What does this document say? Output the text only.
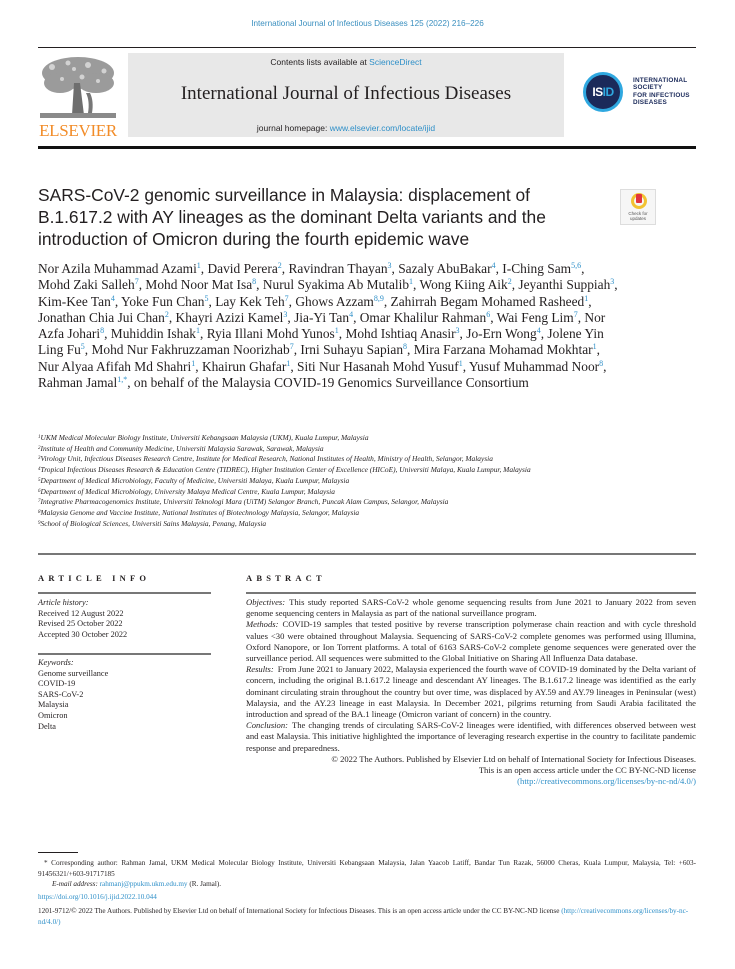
International Journal of Infectious Diseases 125 (2022) 216–226
ELSEVIER
Contents lists available at ScienceDirect
International Journal of Infectious Diseases
journal homepage: www.elsevier.com/locate/ijid
IS ID
INTERNATIONAL
SOCIETY
FOR INFECTIOUS
DISEASES
SARS-CoV-2 genomic surveillance in Malaysia: displacement of B.1.617.2 with AY lineages as the dominant Delta variants and the introduction of Omicron during the fourth epidemic wave
Check for updates
Nor Azila Muhammad Azami$^1$, David Perera$^2$, Ravindran Thayan$^3$, Sazaly AbuBakar$^4$, I-Ching Sam$^{5,6}$, Mohd Zaki Salleh$^7$, Mohd Noor Mat Isa$^8$, Nurul Syakima Ab Mutalib$^1$, Wong Kiing Aik$^2$, Jeyanthi Suppiah$^3$, Kim-Kee Tan$^4$, Yoke Fun Chan$^5$, Lay Kek Teh$^7$, Ghows Azzam$^{8,9}$, Zahirrah Begam Mohamed Rasheed$^1$, Jonathan Chia Jui Chan$^2$, Khayri Azizi Kamel$^3$, Jia-Yi Tan$^4$, Omar Khalilur Rahman$^6$, Wai Feng Lim$^7$, Nor Azfa Johari$^8$, Muhiddin Ishak$^1$, Ryia Illani Mohd Yunos$^1$, Mohd Ishtiaq Anasir$^3$, Jo-Ern Wong$^4$, Jolene Yin Ling Fu$^5$, Mohd Nur Fakhruzzaman Noorizhab$^7$, Irni Suhayu Sapian$^8$, Mira Farzana Mohamad Mokhtar$^1$, Nur Alyaa Afifah Md Shahri$^1$, Khairun Ghafar$^1$, Siti Nur Hasanah Mohd Yusuf$^1$, Yusuf Muhammad Noor$^8$, Rahman Jamal$^{1,*}$, on behalf of the Malaysia COVID-19 Genomics Surveillance Consortium
$^1$UKM Medical Molecular Biology Institute, Universiti Kebangsaan Malaysia (UKM), Kuala Lumpur, Malaysia
$^2$Institute of Health and Community Medicine, Universiti Malaysia Sarawak, Sarawak, Malaysia
$^3$Virology Unit, Infectious Diseases Research Centre, Institute for Medical Research, National Institutes of Health, Ministry of Health, Selangor, Malaysia
$^4$Tropical Infectious Diseases Research & Education Centre (TIDREC), Higher Institution Center of Excellence (HICoE), Universiti Malaya, Kuala Lumpur, Malaysia
$^5$Department of Medical Microbiology, Faculty of Medicine, Universiti Malaya, Kuala Lumpur, Malaysia
$^6$Department of Medical Microbiology, University Malaya Medical Centre, Kuala Lumpur, Malaysia
$^7$Integrative Pharmacogenomics Institute, Universiti Teknologi Mara (UiTM) Selangor Branch, Puncak Alam Campus, Selangor, Malaysia
$^8$Malaysia Genome and Vaccine Institute, National Institutes of Biotechnology Malaysia, Selangor, Malaysia
$^9$School of Biological Sciences, Universiti Sains Malaysia, Penang, Malaysia
ARTICLE INFO	ABSTRACT
Article history:
Received 12 August 2022
Revised 25 October 2022
Accepted 30 October 2022
Keywords:
Genome surveillance
COVID-19
SARS-CoV-2
Malaysia
Omicron
Delta

Objectives: This study reported SARS-CoV-2 whole genome sequencing results from June 2021 to January 2022 from seven genome sequencing centers in Malaysia as part of the national surveillance program.

Methods: COVID-19 samples that tested positive by reverse transcription polymerase chain reaction and with cycle threshold values <30 were obtained throughout Malaysia. Sequencing of SARS-CoV-2 complete genomes was performed using Illumina, Oxford Nanopore, or Ion Torrent platforms. A total of 6163 SARS-CoV-2 complete genome sequences were generated over the surveillance period. All sequences were submitted to the Global Initiative on Sharing All Influenza Data database.

Results: From June 2021 to January 2022, Malaysia experienced the fourth wave of COVID-19 dominated by the Delta variant of concern, including the original B.1.617.2 lineage and descendant AY lineages. The B.1.617.2 lineage was identified as the early dominant circulating strain throughout the country but over time, was displaced by AY.59 and AY.79 lineages in Peninsular (west) Malaysia, and the AY.23 lineage in east Malaysia. In December 2021, pilgrims returning from Saudi Arabia facilitated the introduction and spread of the BA.1 lineage (Omicron variant of concern) in the country.

Conclusion: The changing trends of circulating SARS-CoV-2 lineages were identified, with differences observed between west and east Malaysia. This initiative highlighted the importance of leveraging research expertise in the country to facilitate pandemic response and preparedness.

© 2022 The Authors. Published by Elsevier Ltd on behalf of International Society for Infectious Diseases.
This is an open access article under the CC BY-NC-ND license
(http://creativecommons.org/licenses/by-nc-nd/4.0/)

* Corresponding author: Rahman Jamal, UKM Medical Molecular Biology Institute, Universiti Kebangsaan Malaysia, Jalan Yaacob Latiff, Bandar Tun Razak, 56000 Cheras, Kuala Lumpur, Malaysia, Tel: +603-91456321/+603-91717185

E-mail address: rahmanj@ppukm.ukm.edu.my (R. Jamal).

https://doi.org/10.1016/j.ijid.2022.10.044
1201-9712/© 2022 The Authors. Published by Elsevier Ltd on behalf of International Society for Infectious Diseases. This is an open access article under the CC BY-NC-ND license (http://creativecommons.org/licenses/by-nc-nd/4.0/)
